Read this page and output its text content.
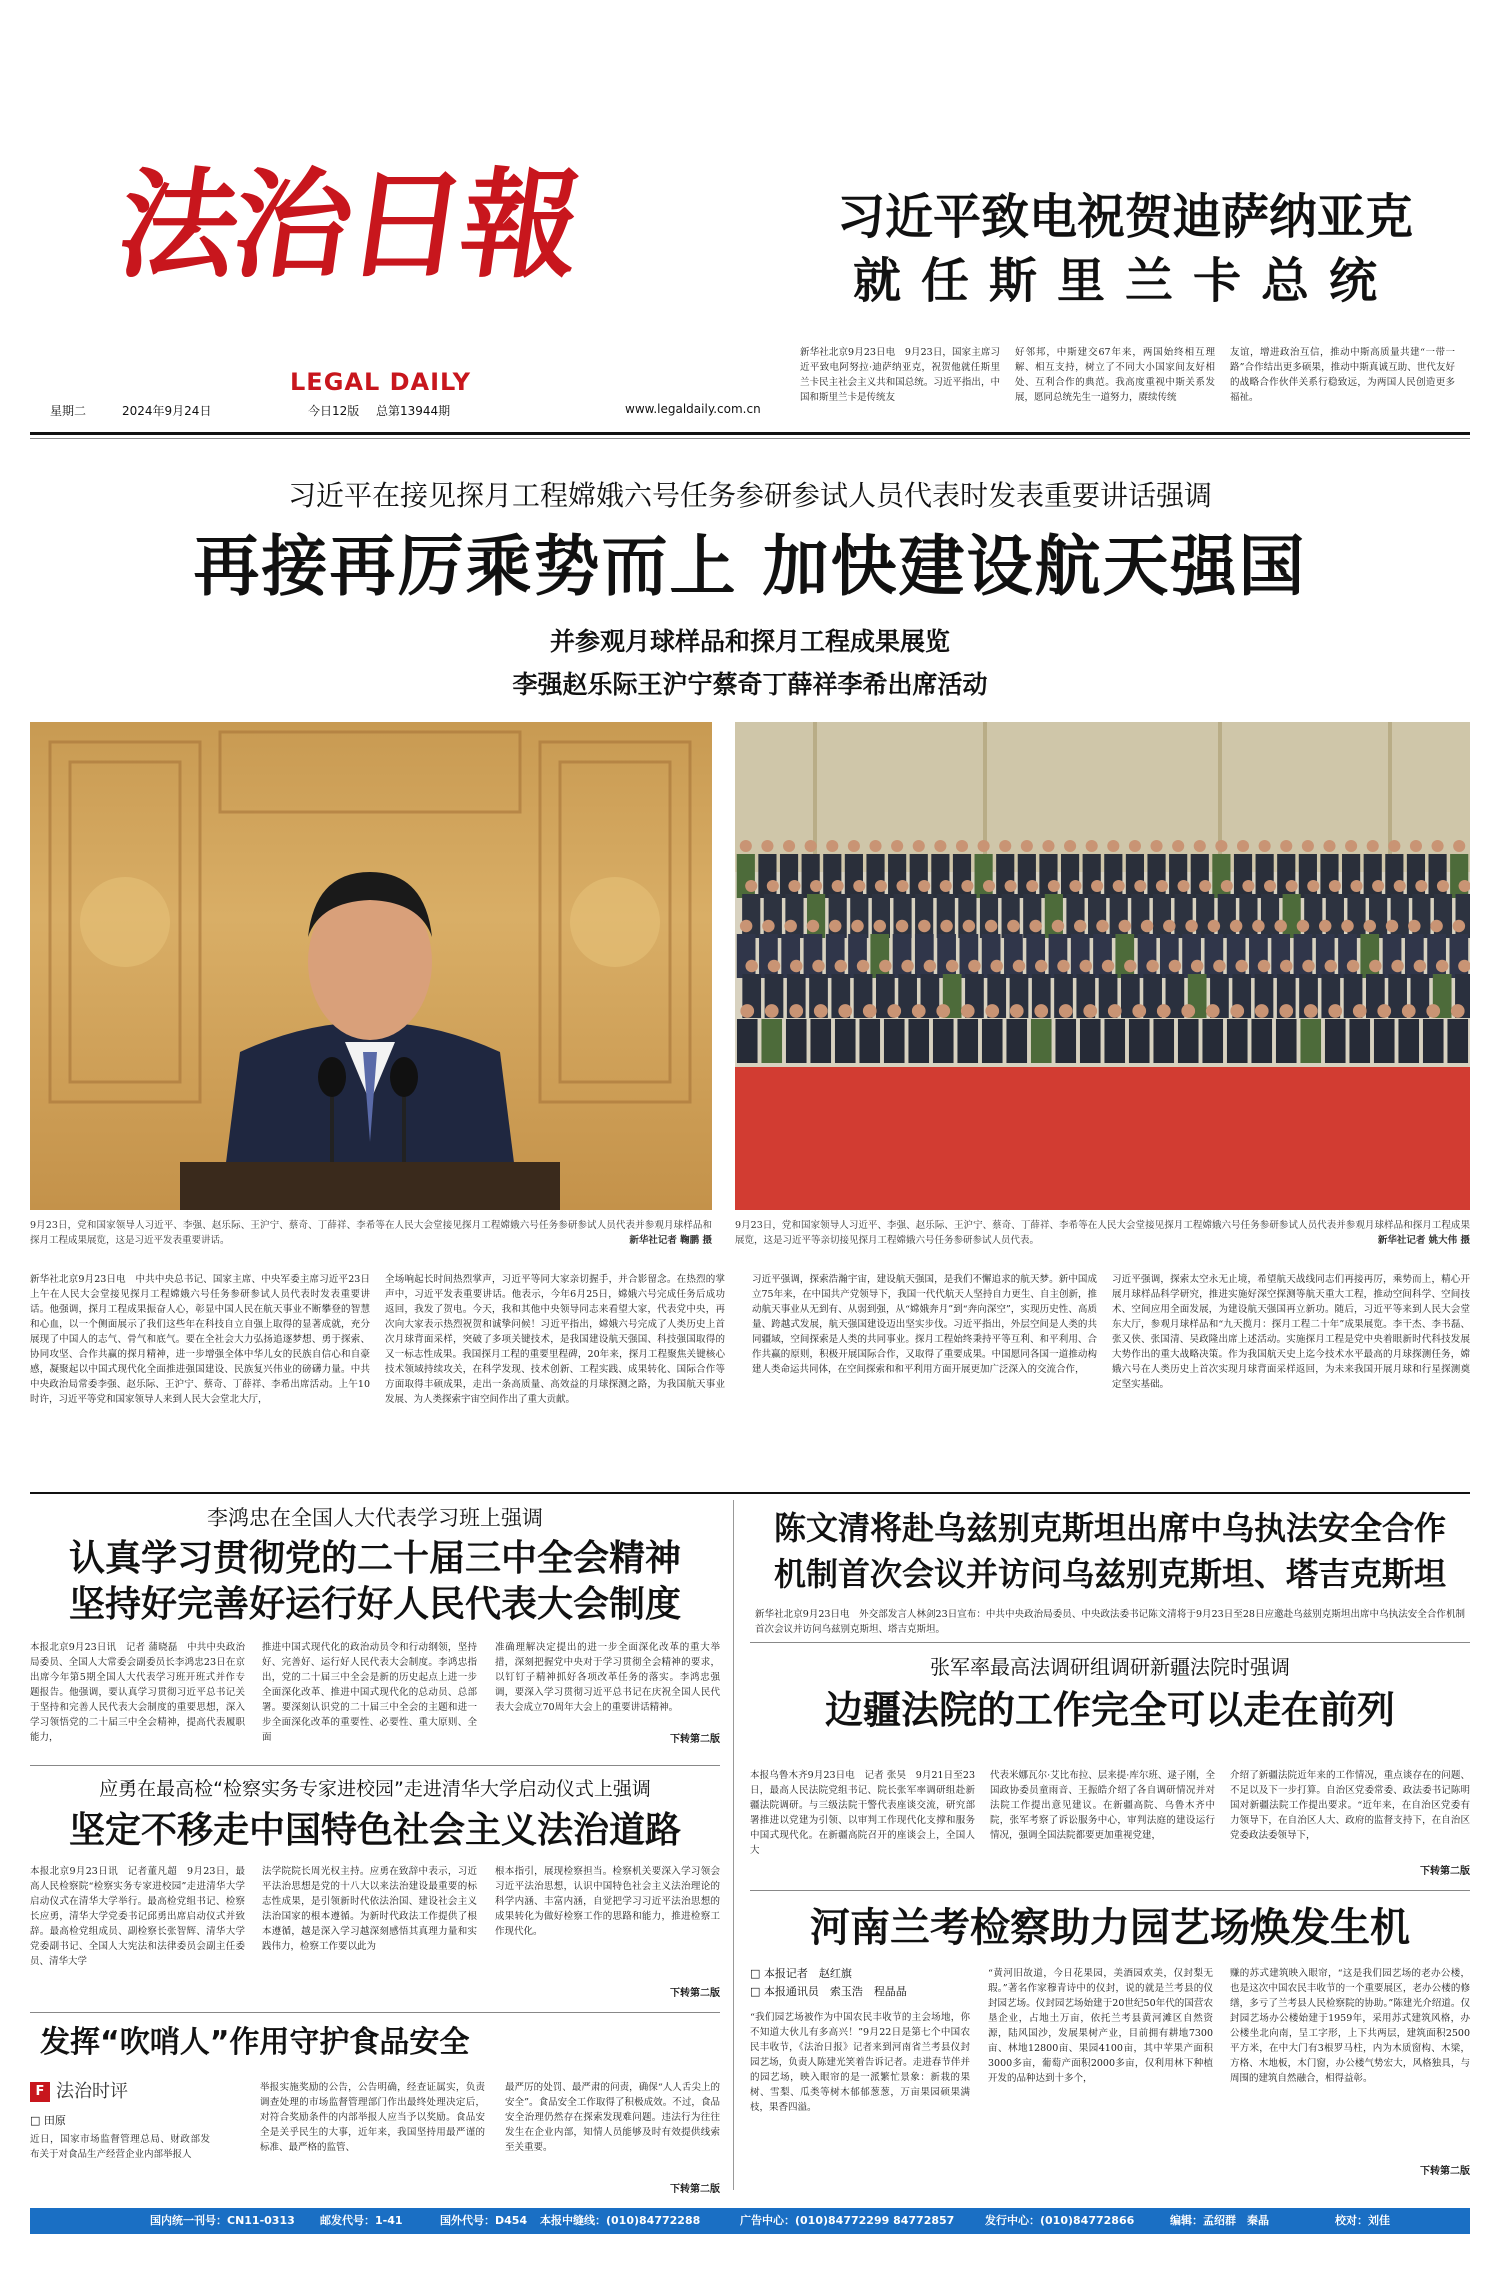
法治日報
LEGAL DAILY
星期二	2024年9月24日	今日12版 总第13944期	www.legaldaily.com.cn
习近平致电祝贺迪萨纳亚克
就任斯里兰卡总统
新华社北京9月23日电　9月23日，国家主席习近平致电阿努拉·迪萨纳亚克，祝贺他就任斯里兰卡民主社会主义共和国总统。习近平指出，中国和斯里兰卡是传统友
好邻邦，中斯建交67年来，两国始终相互理解、相互支持，树立了不同大小国家间友好相处、互利合作的典范。我高度重视中斯关系发展，愿同总统先生一道努力，赓续传统
友谊，增进政治互信，推动中斯高质量共建“一带一路”合作结出更多硕果，推动中斯真诚互助、世代友好的战略合作伙伴关系行稳致远，为两国人民创造更多福祉。
习近平在接见探月工程嫦娥六号任务参研参试人员代表时发表重要讲话强调
再接再厉乘势而上 加快建设航天强国
并参观月球样品和探月工程成果展览
李强赵乐际王沪宁蔡奇丁薛祥李希出席活动
9月23日，党和国家领导人习近平、李强、赵乐际、王沪宁、蔡奇、丁薛祥、李希等在人民大会堂接见探月工程嫦娥六号任务参研参试人员代表并参观月球样品和探月工程成果展览，这是习近平发表重要讲话。	新华社记者 鞠鹏 摄
9月23日，党和国家领导人习近平、李强、赵乐际、王沪宁、蔡奇、丁薛祥、李希等在人民大会堂接见探月工程嫦娥六号任务参研参试人员代表并参观月球样品和探月工程成果展览，这是习近平等亲切接见探月工程嫦娥六号任务参研参试人员代表。	新华社记者 姚大伟 摄
新华社北京9月23日电　中共中央总书记、国家主席、中央军委主席习近平23日上午在人民大会堂接见探月工程嫦娥六号任务参研参试人员代表时发表重要讲话。他强调，探月工程成果振奋人心，彰显中国人民在航天事业不断攀登的智慧和心血，以一个侧面展示了我们这些年在科技自立自强上取得的显著成就，充分展现了中国人的志气、骨气和底气。要在全社会大力弘扬追逐梦想、勇于探索、协同攻坚、合作共赢的探月精神，进一步增强全体中华儿女的民族自信心和自豪感，凝聚起以中国式现代化全面推进强国建设、民族复兴伟业的磅礴力量。中共中央政治局常委李强、赵乐际、王沪宁、蔡奇、丁薛祥、李希出席活动。上午10时许，习近平等党和国家领导人来到人民大会堂北大厅，
全场响起长时间热烈掌声，习近平等同大家亲切握手，并合影留念。在热烈的掌声中，习近平发表重要讲话。他表示，今年6月25日，嫦娥六号完成任务后成功返回，我发了贺电。今天，我和其他中央领导同志来看望大家，代表党中央，再次向大家表示热烈祝贺和诚挚问候！习近平指出，嫦娥六号完成了人类历史上首次月球背面采样，突破了多项关键技术，是我国建设航天强国、科技强国取得的又一标志性成果。我国探月工程的重要里程碑，20年来，探月工程聚焦关键核心技术领域持续攻关，在科学发现、技术创新、工程实践、成果转化、国际合作等方面取得丰硕成果，走出一条高质量、高效益的月球探测之路，为我国航天事业发展、为人类探索宇宙空间作出了重大贡献。
习近平强调，探索浩瀚宇宙，建设航天强国，是我们不懈追求的航天梦。新中国成立75年来，在中国共产党领导下，我国一代代航天人坚持自力更生、自主创新，推动航天事业从无到有、从弱到强，从“嫦娥奔月”到“奔向深空”，实现历史性、高质量、跨越式发展，航天强国建设迈出坚实步伐。习近平指出，外层空间是人类的共同疆域，空间探索是人类的共同事业。探月工程始终秉持平等互利、和平利用、合作共赢的原则，积极开展国际合作，又取得了重要成果。中国愿同各国一道推动构建人类命运共同体，在空间探索和和平利用方面开展更加广泛深入的交流合作，
习近平强调，探索太空永无止境，希望航天战线同志们再接再厉，乘势而上，精心开展月球样品科学研究，推进实施好深空探测等航天重大工程，推动空间科学、空间技术、空间应用全面发展，为建设航天强国再立新功。随后，习近平等来到人民大会堂东大厅，参观月球样品和“九天揽月：探月工程二十年”成果展览。李干杰、李书磊、张又侠、张国清、吴政隆出席上述活动。实施探月工程是党中央着眼新时代科技发展大势作出的重大战略决策。作为我国航天史上迄今技术水平最高的月球探测任务，嫦娥六号在人类历史上首次实现月球背面采样返回，为未来我国开展月球和行星探测奠定坚实基础。
李鸿忠在全国人大代表学习班上强调
认真学习贯彻党的二十届三中全会精神
坚持好完善好运行好人民代表大会制度
本报北京9月23日讯　记者 蒲晓磊　中共中央政治局委员、全国人大常委会副委员长李鸿忠23日在京出席今年第5期全国人大代表学习班开班式并作专题报告。他强调，要认真学习贯彻习近平总书记关于坚持和完善人民代表大会制度的重要思想，深入学习领悟党的二十届三中全会精神，提高代表履职能力，
推进中国式现代化的政治动员令和行动纲领，坚持好、完善好、运行好人民代表大会制度。李鸿忠指出，党的二十届三中全会是新的历史起点上进一步全面深化改革、推进中国式现代化的总动员、总部署。要深刻认识党的二十届三中全会的主题和进一步全面深化改革的重要性、必要性、重大原则、全面
准确理解决定提出的进一步全面深化改革的重大举措，深刻把握党中央对于学习贯彻全会精神的要求，以钉钉子精神抓好各项改革任务的落实。李鸿忠强调，要深入学习贯彻习近平总书记在庆祝全国人民代表大会成立70周年大会上的重要讲话精神。
下转第二版
应勇在最高检“检察实务专家进校园”走进清华大学启动仪式上强调
坚定不移走中国特色社会主义法治道路
本报北京9月23日讯　记者董凡超　9月23日，最高人民检察院“检察实务专家进校园”走进清华大学启动仪式在清华大学举行。最高检党组书记、检察长应勇，清华大学党委书记邱勇出席启动仪式并致辞。最高检党组成员、副检察长张智辉、清华大学党委副书记、全国人大宪法和法律委员会副主任委员、清华大学
法学院院长周光权主持。应勇在致辞中表示，习近平法治思想是党的十八大以来法治建设最重要的标志性成果，是引领新时代依法治国、建设社会主义法治国家的根本遵循。为新时代政法工作提供了根本遵循，越是深入学习越深刻感悟其真理力量和实践伟力，检察工作要以此为
根本指引，展现检察担当。检察机关要深入学习领会习近平法治思想，认识中国特色社会主义法治理论的科学内涵、丰富内涵，自觉把学习习近平法治思想的成果转化为做好检察工作的思路和能力，推进检察工作现代化。
下转第二版
发挥“吹哨人”作用守护食品安全
F 法治时评
□ 田原
近日，国家市场监督管理总局、财政部发布关于对食品生产经营企业内部举报人
举报实施奖励的公告，公告明确，经查证属实，负责调查处理的市场监督管理部门作出最终处理决定后，对符合奖励条件的内部举报人应当予以奖励。食品安全是关乎民生的大事，近年来，我国坚持用最严谨的标准、最严格的监管、
最严厉的处罚、最严肃的问责，确保“人人舌尖上的安全”。食品安全工作取得了积极成效。不过，食品安全治理仍然存在探索发现难问题。违法行为往往发生在企业内部，知情人员能够及时有效提供线索至关重要。
下转第二版
陈文清将赴乌兹别克斯坦出席中乌执法安全合作
机制首次会议并访问乌兹别克斯坦、塔吉克斯坦
新华社北京9月23日电　外交部发言人林剑23日宣布：中共中央政治局委员、中央政法委书记陈文清将于9月23日至28日应邀赴乌兹别克斯坦出席中乌执法安全合作机制首次会议并访问乌兹别克斯坦、塔吉克斯坦。
张军率最高法调研组调研新疆法院时强调
边疆法院的工作完全可以走在前列
本报乌鲁木齐9月23日电　记者 张昊　9月21日至23日，最高人民法院党组书记、院长张军率调研组赴新疆法院调研。与三级法院干警代表座谈交流，研究部署推进以党建为引领、以审判工作现代化支撑和服务中国式现代化。在新疆高院召开的座谈会上，全国人大
代表米娜瓦尔·艾比布拉、层来提·库尔班、逯子刚，全国政协委员童雨音、王振皓介绍了各自调研情况并对法院工作提出意见建议。在新疆高院、乌鲁木齐中院，张军考察了诉讼服务中心，审判法庭的建设运行情况，强调全国法院都要更加重视党建，
介绍了新疆法院近年来的工作情况，重点谈存在的问题、不足以及下一步打算。自治区党委常委、政法委书记陈明国对新疆法院工作提出要求。“近年来，在自治区党委有力领导下，在自治区人大、政府的监督支持下，在自治区党委政法委领导下，
下转第二版
河南兰考检察助力园艺场焕发生机
□ 本报记者　赵红旗
□ 本报通讯员　索玉浩　程晶晶
“我们园艺场被作为中国农民丰收节的主会场地，你不知道大伙儿有多高兴！”9月22日是第七个中国农民丰收节，《法治日报》记者来到河南省兰考县仪封园艺场，负责人陈建光笑着告诉记者。走进春节伴并的园艺场，映入眼帘的是一派繁忙景象：新栽的果树、雪梨、瓜类等树木郁郁葱葱，万亩果园硕果满枝，果香四溢。
“黄河旧故道，今日花果园，美酒园欢美，仅封梨无瑕。”著名作家穆青诗中的仪封，说的就是兰考县的仪封园艺场。仪封园艺场始建于20世纪50年代的国营农垦企业，占地土万亩，依托兰考县黄河滩区自然资源，陆风国沙，发展果树产业，目前拥有耕地7300亩、林地12800亩、果园4100亩，其中苹果产面积3000多亩，葡萄产面积2000多亩，仅利用林下种植开发的品种达到十多个，
赚的苏式建筑映入眼帘，“这是我们园艺场的老办公楼，也是这次中国农民丰收节的一个重要展区，老办公楼的修缮，多亏了兰考县人民检察院的协助。”陈建光介绍道。仅封园艺场办公楼始建于1959年，采用苏式建筑风格，办公楼坐北向南，呈工字形，上下共两层，建筑面积2500平方米，在中大门有3根罗马柱，内为木质窗构、木梁，方格、木地板，木门窗，办公楼气势宏大，风格独具，与周围的建筑自然融合，相得益彰。
下转第二版
国内统一刊号：CN11-0313 邮发代号：1-41	国外代号：D454 本报中缝线：(010)84772288	广告中心：(010)84772299 84772857	发行中心：(010)84772866	编辑：孟绍群　秦晶	校对：刘佳
